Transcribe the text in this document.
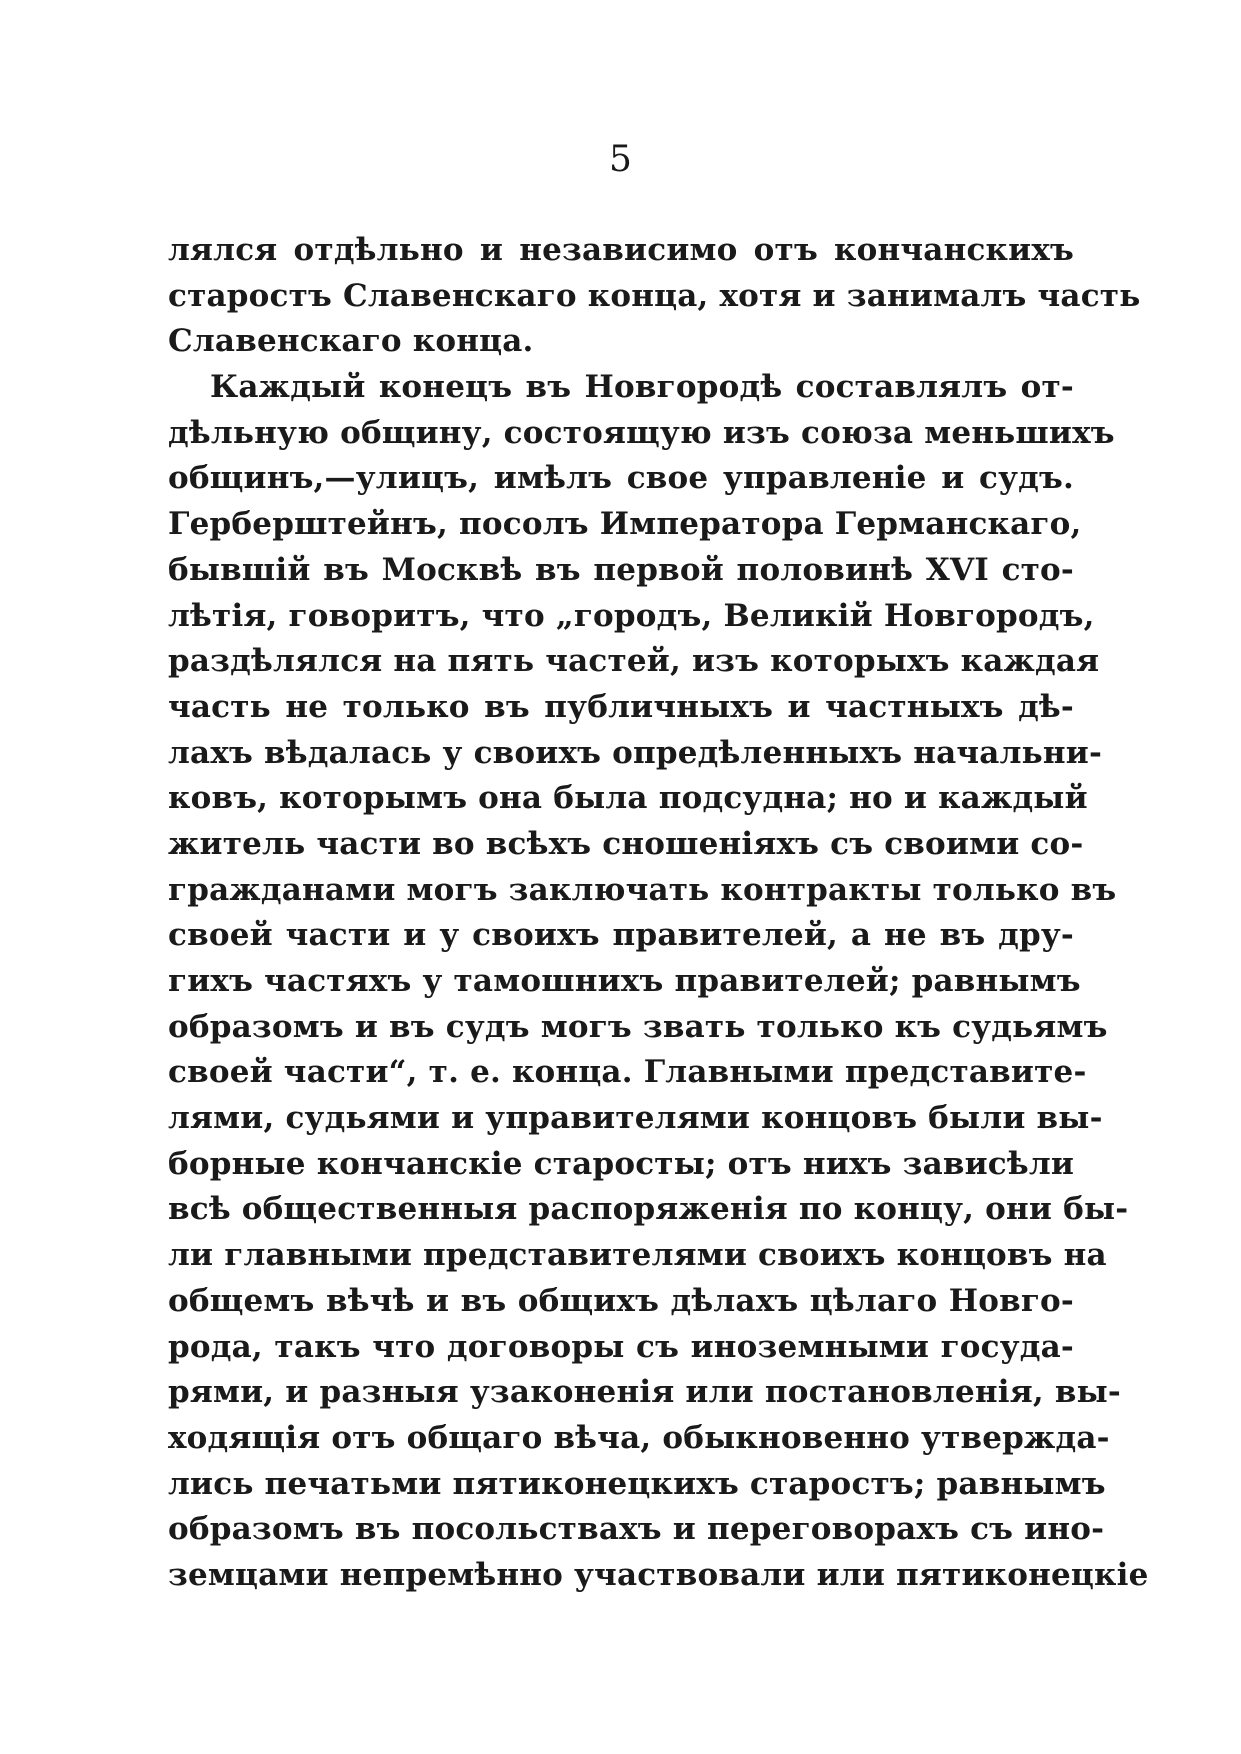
5
лялся отдѣльно и независимо отъ кончанскихъ
старостъ Славенскаго конца, хотя и занималъ часть
Славенскаго конца.
Каждый конецъ въ Новгородѣ составлялъ от-
дѣльную общину, состоящую изъ союза меньшихъ
общинъ,—улицъ, имѣлъ свое управленіе и судъ.
Герберштейнъ, посолъ Императора Германскаго,
бывшій въ Москвѣ въ первой половинѣ XVI сто-
лѣтія, говоритъ, что „городъ, Великій Новгородъ,
раздѣлялся на пять частей, изъ которыхъ каждая
часть не только въ публичныхъ и частныхъ дѣ-
лахъ вѣдалась у своихъ опредѣленныхъ начальни-
ковъ, которымъ она была подсудна; но и каждый
житель части во всѣхъ сношеніяхъ съ своими со-
гражданами могъ заключать контракты только въ
своей части и у своихъ правителей, а не въ дру-
гихъ частяхъ у тамошнихъ правителей; равнымъ
образомъ и въ судъ могъ звать только къ судьямъ
своей части“, т. е. конца. Главными представите-
лями, судьями и управителями концовъ были вы-
борные кончанскіе старосты; отъ нихъ зависѣли
всѣ общественныя распоряженія по концу, они бы-
ли главными представителями своихъ концовъ на
общемъ вѣчѣ и въ общихъ дѣлахъ цѣлаго Новго-
рода, такъ что договоры съ иноземными госуда-
рями, и разныя узаконенія или постановленія, вы-
ходящія отъ общаго вѣча, обыкновенно утвержда-
лись печатьми пятиконецкихъ старостъ; равнымъ
образомъ въ посольствахъ и переговорахъ съ ино-
земцами непремѣнно участвовали или пятиконецкіе
